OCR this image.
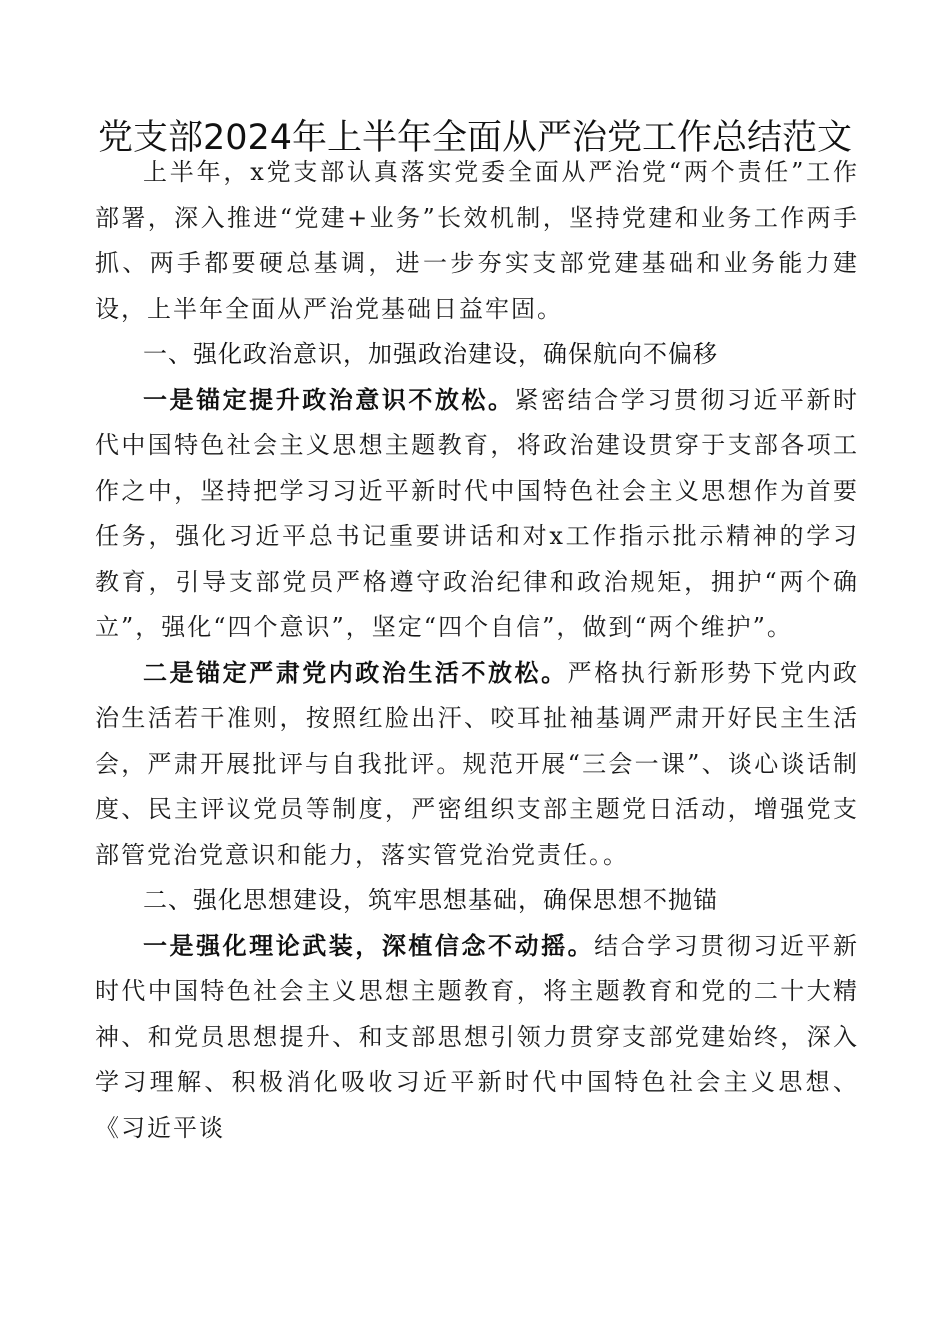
党支部2024年上半年全面从严治党工作总结范文

上半年，x党支部认真落实党委全面从严治党“两个责任”工作部署，深入推进“党建+业务”长效机制，坚持党建和业务工作两手抓、两手都要硬总基调，进一步夯实支部党建基础和业务能力建设，上半年全面从严治党基础日益牢固。

一、强化政治意识，加强政治建设，确保航向不偏移

一是锚定提升政治意识不放松。紧密结合学习贯彻习近平新时代中国特色社会主义思想主题教育，将政治建设贯穿于支部各项工作之中，坚持把学习习近平新时代中国特色社会主义思想作为首要任务，强化习近平总书记重要讲话和对x工作指示批示精神的学习教育，引导支部党员严格遵守政治纪律和政治规矩，拥护“两个确立”，强化“四个意识”，坚定“四个自信”，做到“两个维护”。

二是锚定严肃党内政治生活不放松。严格执行新形势下党内政治生活若干准则，按照红脸出汗、咬耳扯袖基调严肃开好民主生活会，严肃开展批评与自我批评。规范开展“三会一课”、谈心谈话制度、民主评议党员等制度，严密组织支部主题党日活动，增强党支部管党治党意识和能力，落实管党治党责任。。

二、强化思想建设，筑牢思想基础，确保思想不抛锚

一是强化理论武装，深植信念不动摇。结合学习贯彻习近平新时代中国特色社会主义思想主题教育，将主题教育和党的二十大精神、和党员思想提升、和支部思想引领力贯穿支部党建始终，深入学习理解、积极消化吸收习近平新时代中国特色社会主义思想、《习近平谈
